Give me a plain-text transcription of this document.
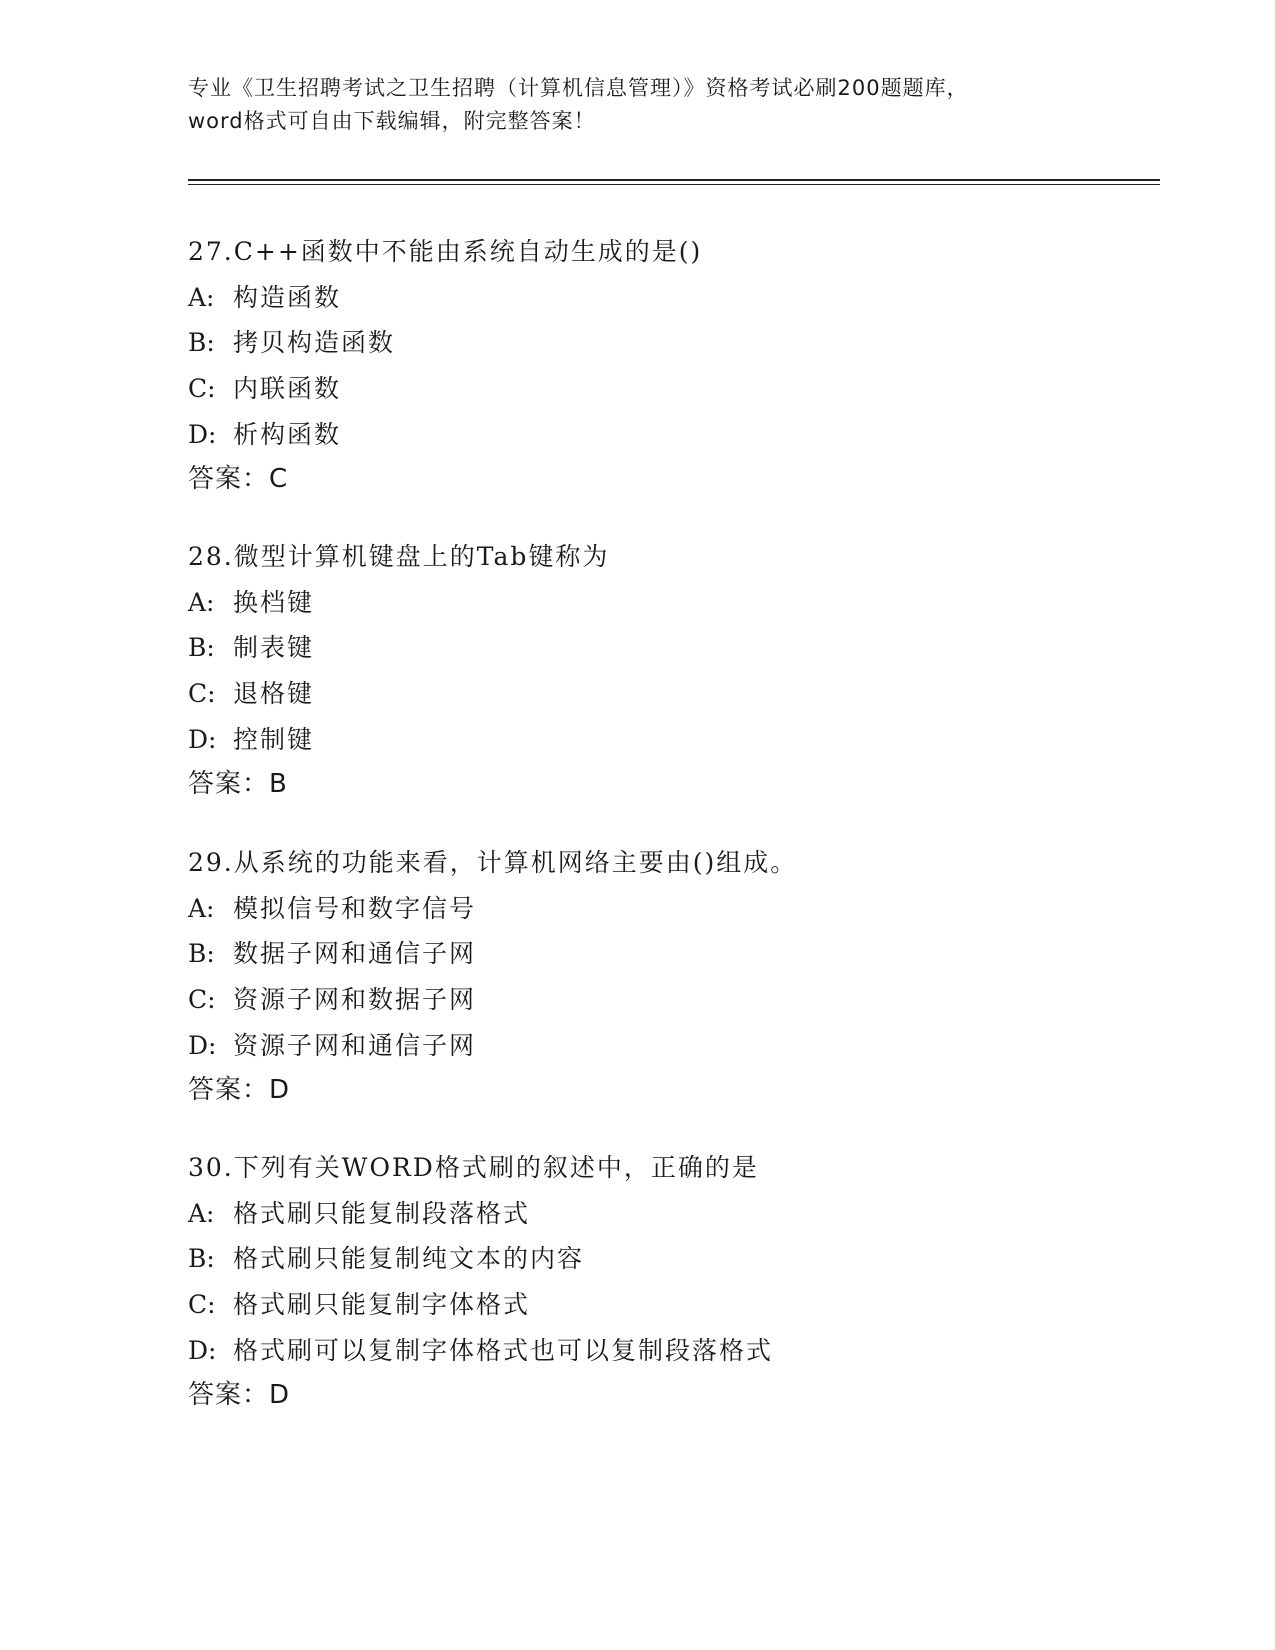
专业《卫生招聘考试之卫生招聘（计算机信息管理）》资格考试必刷200题题库，
word格式可自由下载编辑，附完整答案！
27.C++函数中不能由系统自动生成的是()
A: 构造函数
B: 拷贝构造函数
C: 内联函数
D: 析构函数
答案：C
28.微型计算机键盘上的Tab键称为
A: 换档键
B: 制表键
C: 退格键
D: 控制键
答案：B
29.从系统的功能来看，计算机网络主要由()组成。
A: 模拟信号和数字信号
B: 数据子网和通信子网
C: 资源子网和数据子网
D: 资源子网和通信子网
答案：D
30.下列有关WORD格式刷的叙述中，正确的是
A: 格式刷只能复制段落格式
B: 格式刷只能复制纯文本的内容
C: 格式刷只能复制字体格式
D: 格式刷可以复制字体格式也可以复制段落格式
答案：D
